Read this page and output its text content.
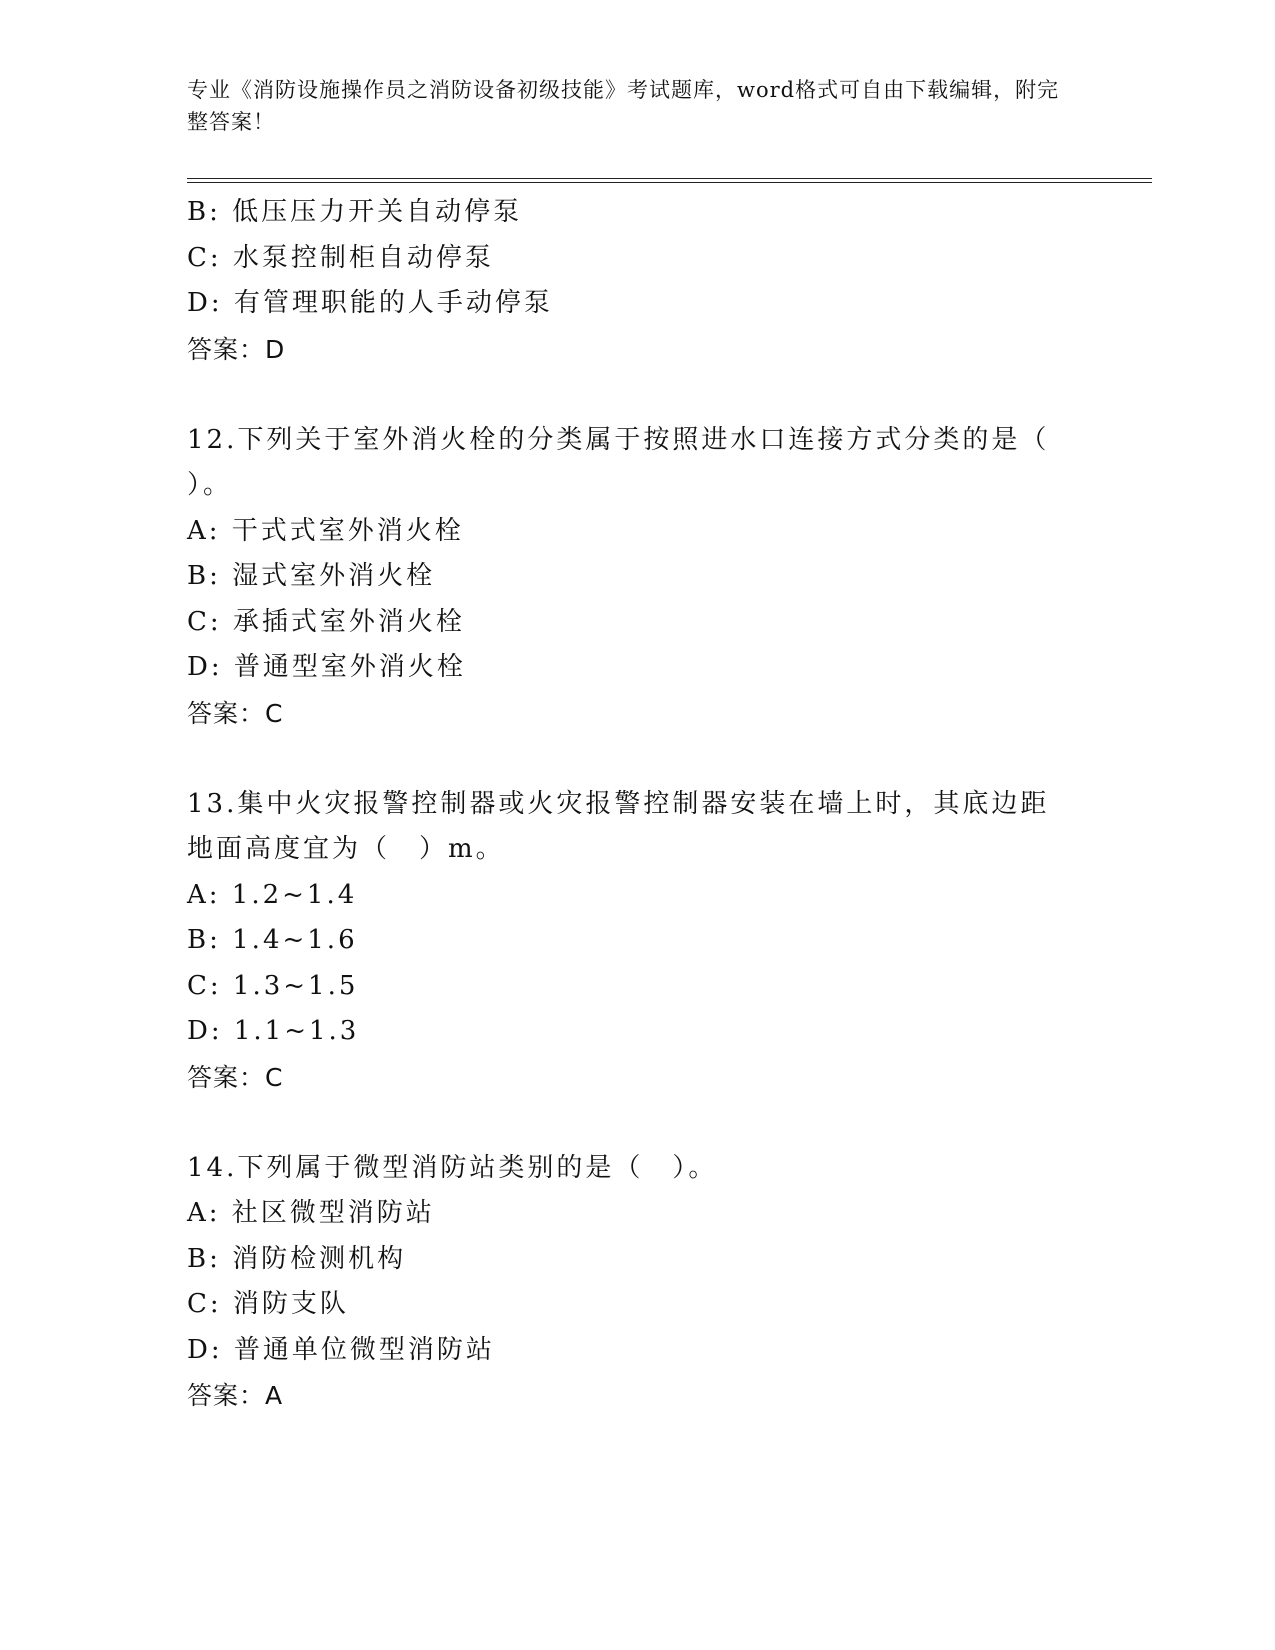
专业《消防设施操作员之消防设备初级技能》考试题库，word格式可自由下载编辑，附完整答案！
B: 低压压力开关自动停泵
C: 水泵控制柜自动停泵
D: 有管理职能的人手动停泵
答案：D
12.下列关于室外消火栓的分类属于按照进水口连接方式分类的是（ ）。
A: 干式式室外消火栓
B: 湿式室外消火栓
C: 承插式室外消火栓
D: 普通型室外消火栓
答案：C
13.集中火灾报警控制器或火灾报警控制器安装在墙上时，其底边距地面高度宜为（　）m。
A: 1.2~1.4
B: 1.4~1.6
C: 1.3~1.5
D: 1.1~1.3
答案：C
14.下列属于微型消防站类别的是（　）。
A: 社区微型消防站
B: 消防检测机构
C: 消防支队
D: 普通单位微型消防站
答案：A
